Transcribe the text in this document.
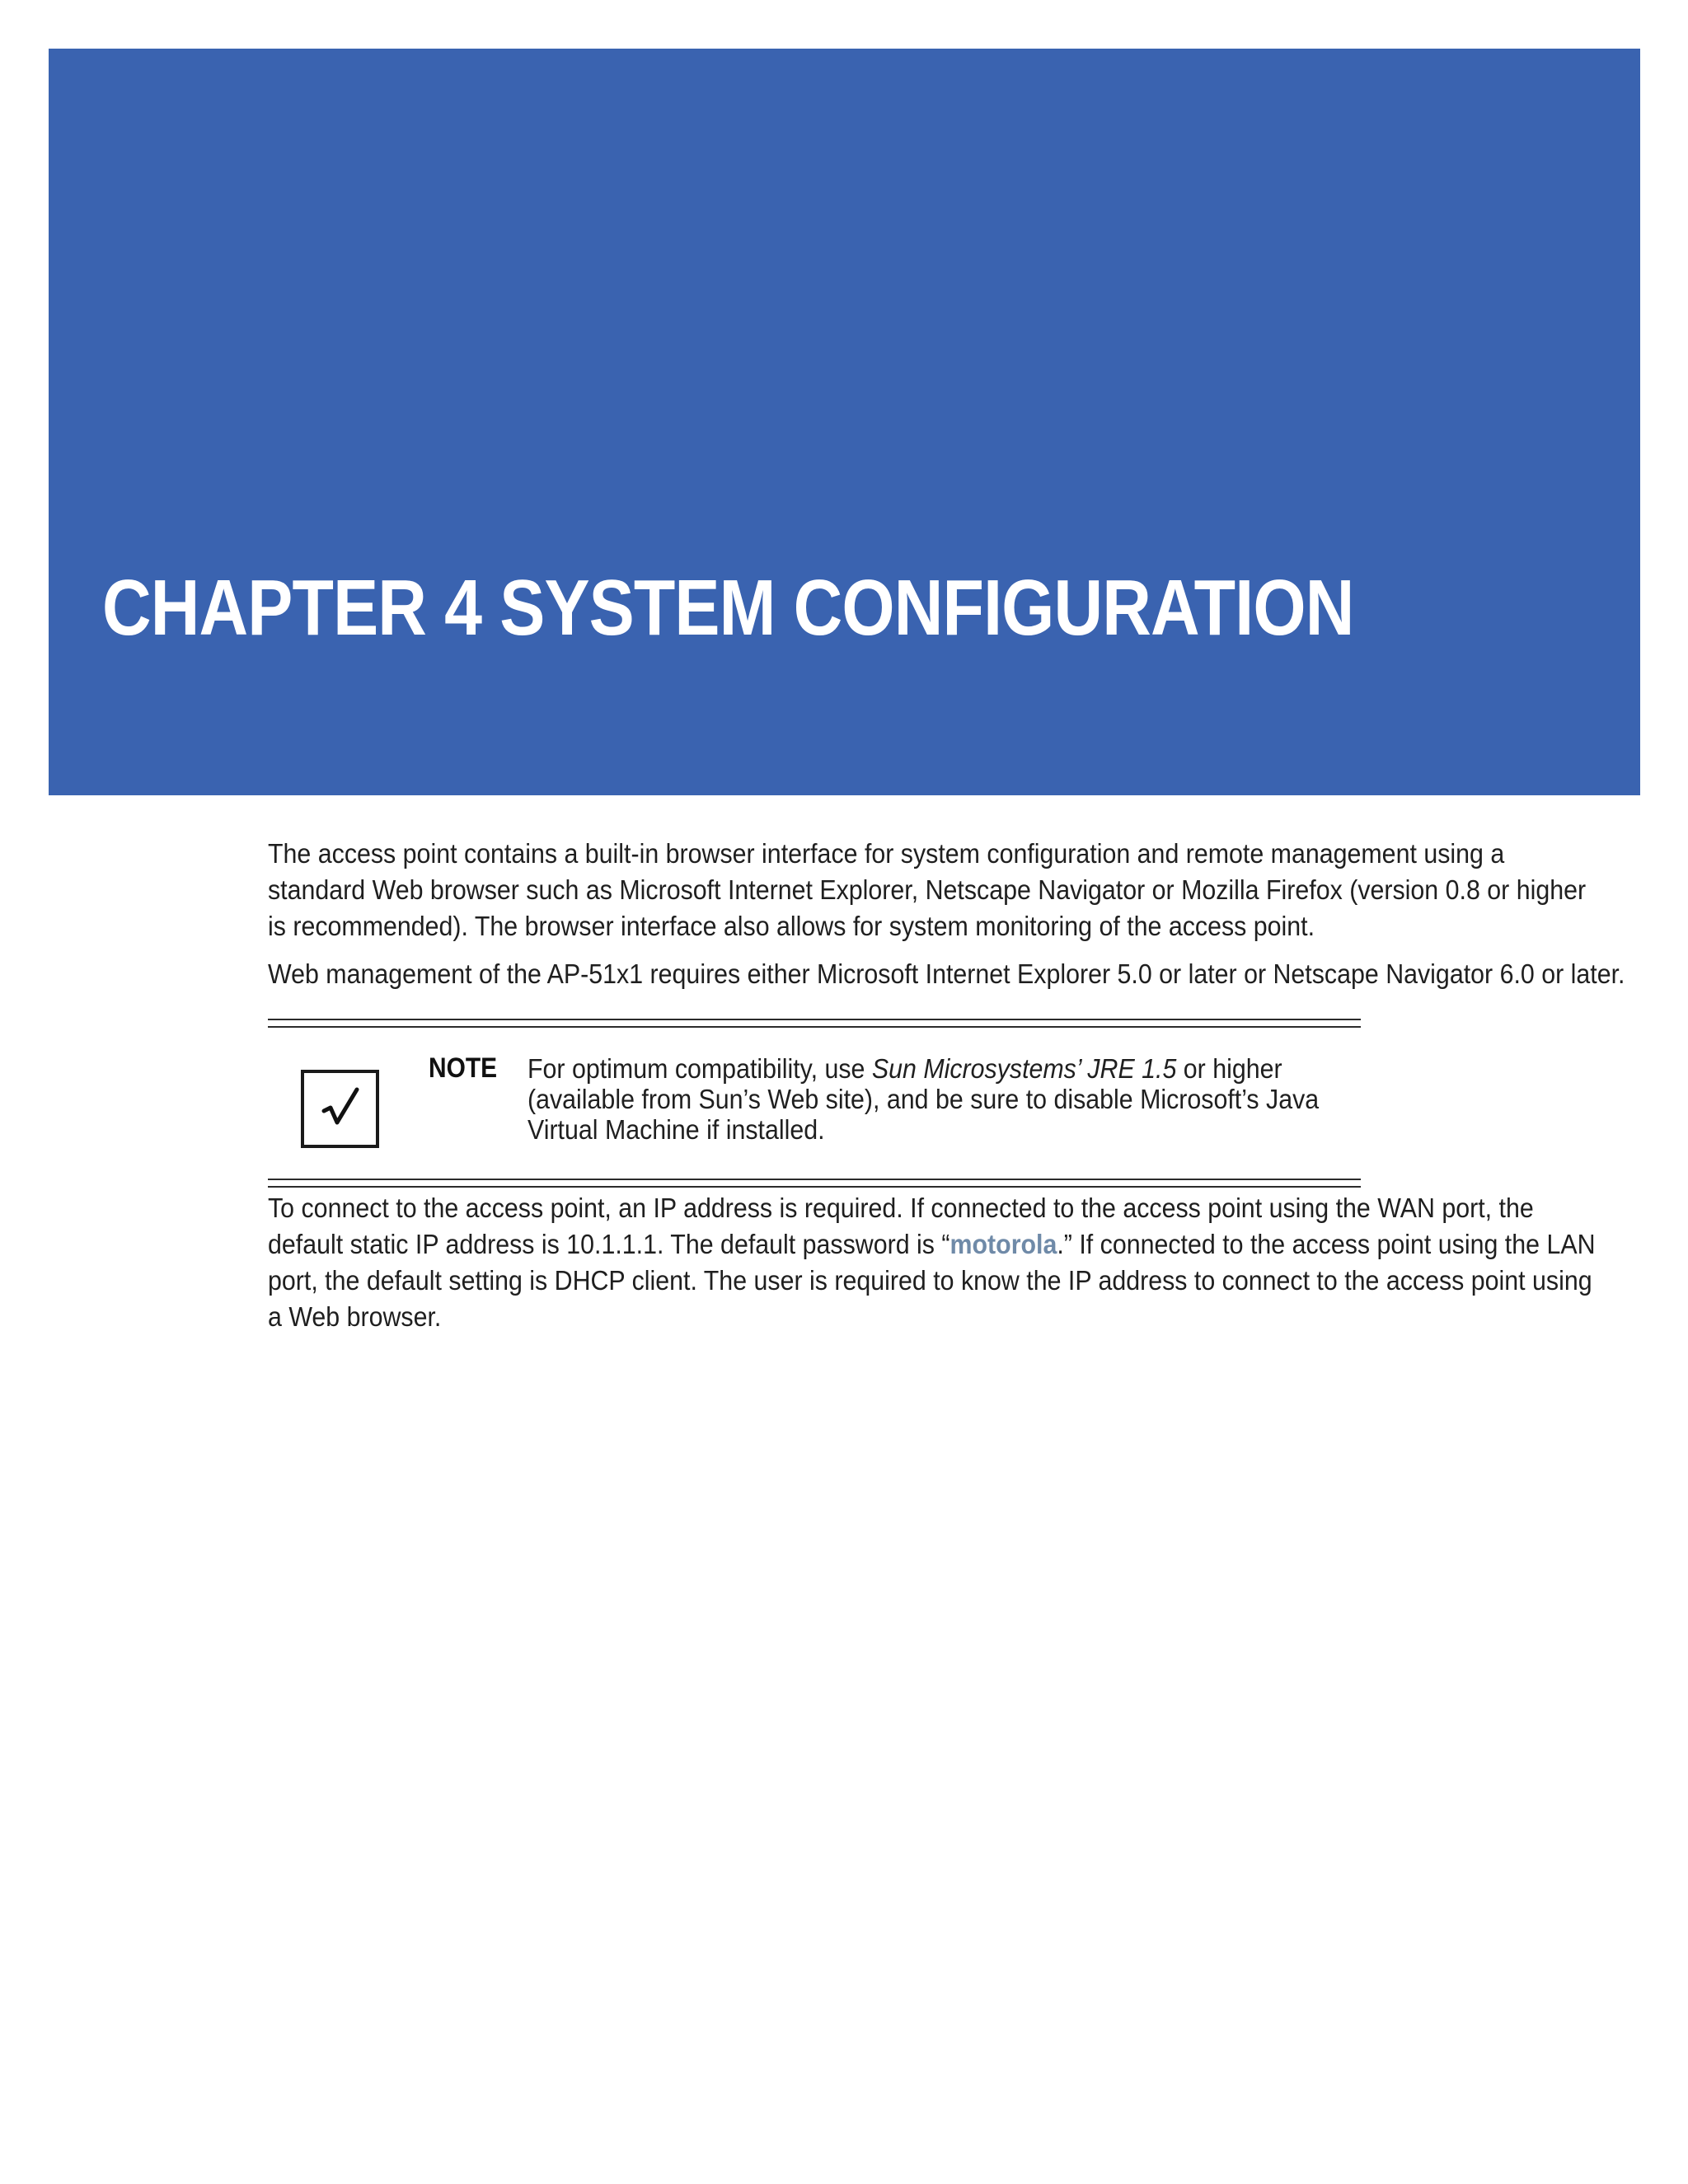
CHAPTER 4 SYSTEM CONFIGURATION

The access point contains a built-in browser interface for system configuration and remote management using a standard Web browser such as Microsoft Internet Explorer, Netscape Navigator or Mozilla Firefox (version 0.8 or higher is recommended). The browser interface also allows for system monitoring of the access point.

Web management of the AP-51x1 requires either Microsoft Internet Explorer 5.0 or later or Netscape Navigator 6.0 or later.

NOTE For optimum compatibility, use Sun Microsystems’ JRE 1.5 or higher (available from Sun’s Web site), and be sure to disable Microsoft’s Java Virtual Machine if installed.

To connect to the access point, an IP address is required. If connected to the access point using the WAN port, the default static IP address is 10.1.1.1. The default password is “motorola.” If connected to the access point using the LAN port, the default setting is DHCP client. The user is required to know the IP address to connect to the access point using a Web browser.
